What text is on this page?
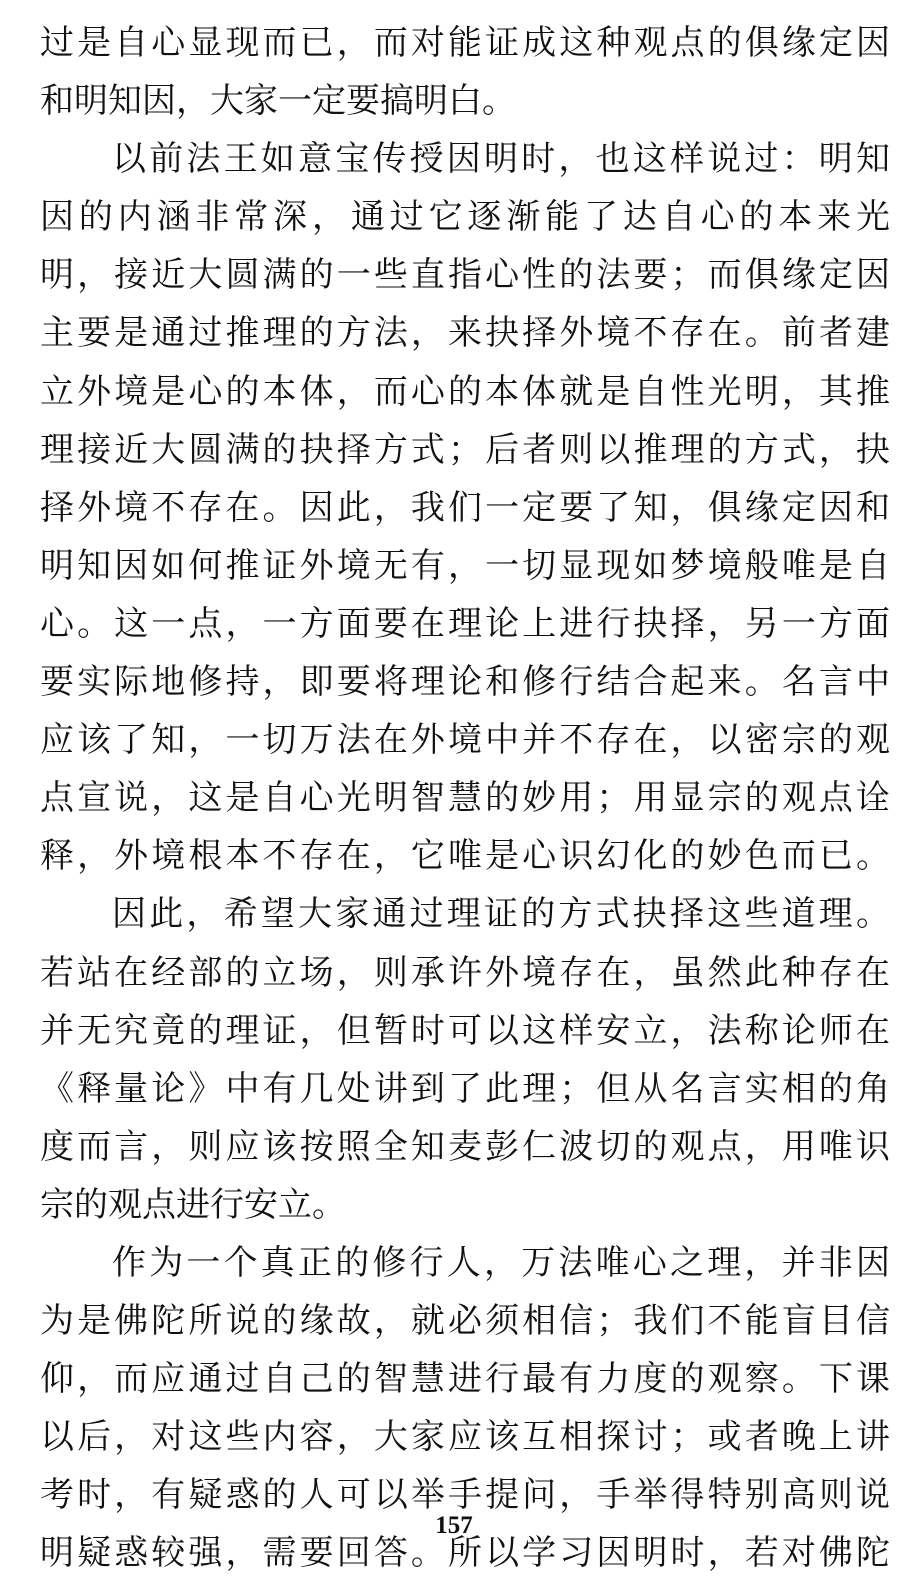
过是自心显现而已，而对能证成这种观点的俱缘定因
和明知因，大家一定要搞明白。
以前法王如意宝传授因明时，也这样说过：明知
因的内涵非常深，通过它逐渐能了达自心的本来光
明，接近大圆满的一些直指心性的法要；而俱缘定因
主要是通过推理的方法，来抉择外境不存在。前者建
立外境是心的本体，而心的本体就是自性光明，其推
理接近大圆满的抉择方式；后者则以推理的方式，抉
择外境不存在。因此，我们一定要了知，俱缘定因和
明知因如何推证外境无有，一切显现如梦境般唯是自
心。这一点，一方面要在理论上进行抉择，另一方面
要实际地修持，即要将理论和修行结合起来。名言中
应该了知，一切万法在外境中并不存在，以密宗的观
点宣说，这是自心光明智慧的妙用；用显宗的观点诠
释，外境根本不存在，它唯是心识幻化的妙色而已。
因此，希望大家通过理证的方式抉择这些道理。
若站在经部的立场，则承许外境存在，虽然此种存在
并无究竟的理证，但暂时可以这样安立，法称论师在
《释量论》中有几处讲到了此理；但从名言实相的角
度而言，则应该按照全知麦彭仁波切的观点，用唯识
宗的观点进行安立。
作为一个真正的修行人，万法唯心之理，并非因
为是佛陀所说的缘故，就必须相信；我们不能盲目信
仰，而应通过自己的智慧进行最有力度的观察。下课
以后，对这些内容，大家应该互相探讨；或者晚上讲
考时，有疑惑的人可以举手提问，手举得特别高则说
明疑惑较强，需要回答。所以学习因明时，若对佛陀
157
